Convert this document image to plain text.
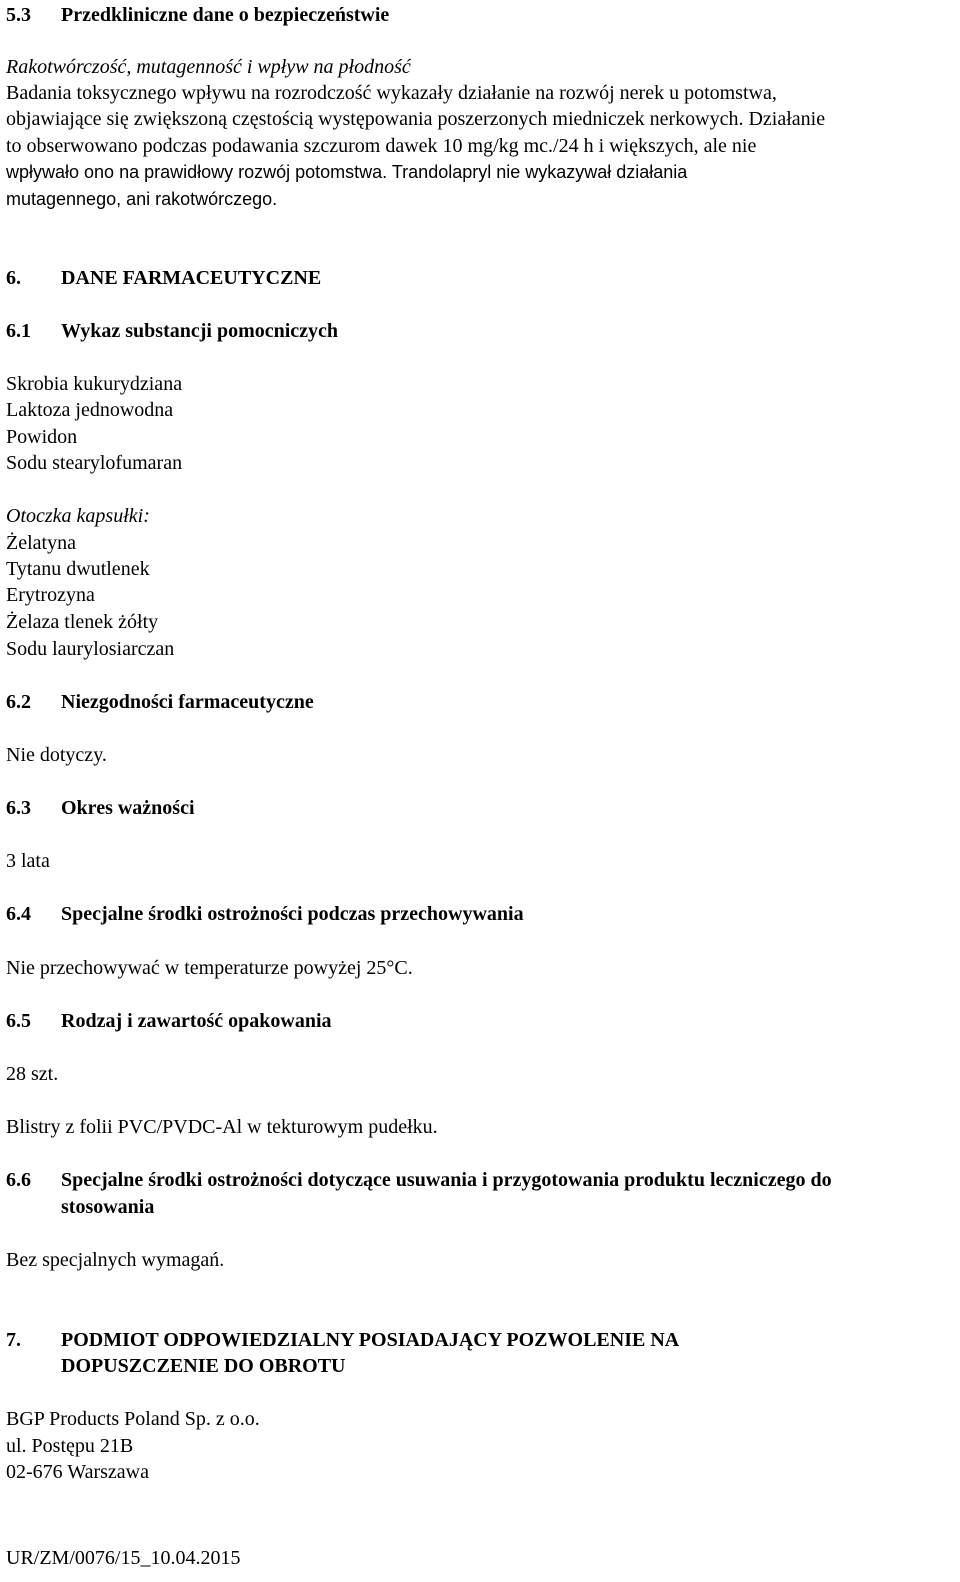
5.3 Przedkliniczne dane o bezpieczeństwie
Rakotwórczość, mutagenność i wpływ na płodność
Badania toksycznego wpływu na rozrodczość wykazały działanie na rozwój nerek u potomstwa,
objawiające się zwiększoną częstością występowania poszerzonych miedniczek nerkowych. Działanie
to obserwowano podczas podawania szczurom dawek 10 mg/kg mc./24 h i większych, ale nie
wpływało ono na prawidłowy rozwój potomstwa. Trandolapryl nie wykazywał działania
mutagennego, ani rakotwórczego.
6. DANE FARMACEUTYCZNE
6.1 Wykaz substancji pomocniczych
Skrobia kukurydziana
Laktoza jednowodna
Powidon
Sodu stearylofumaran
Otoczka kapsułki:
Żelatyna
Tytanu dwutlenek
Erytrozyna
Żelaza tlenek żółty
Sodu laurylosiarczan
6.2 Niezgodności farmaceutyczne
Nie dotyczy.
6.3 Okres ważności
3 lata
6.4 Specjalne środki ostrożności podczas przechowywania
Nie przechowywać w temperaturze powyżej 25°C.
6.5 Rodzaj i zawartość opakowania
28 szt.
Blistry z folii PVC/PVDC-Al w tekturowym pudełku.
6.6 Specjalne środki ostrożności dotyczące usuwania i przygotowania produktu leczniczego do
stosowania
Bez specjalnych wymagań.
7. PODMIOT ODPOWIEDZIALNY POSIADAJĄCY POZWOLENIE NA
DOPUSZCZENIE DO OBROTU
BGP Products Poland Sp. z o.o.
ul. Postępu 21B
02-676 Warszawa
UR/ZM/0076/15_10.04.2015
